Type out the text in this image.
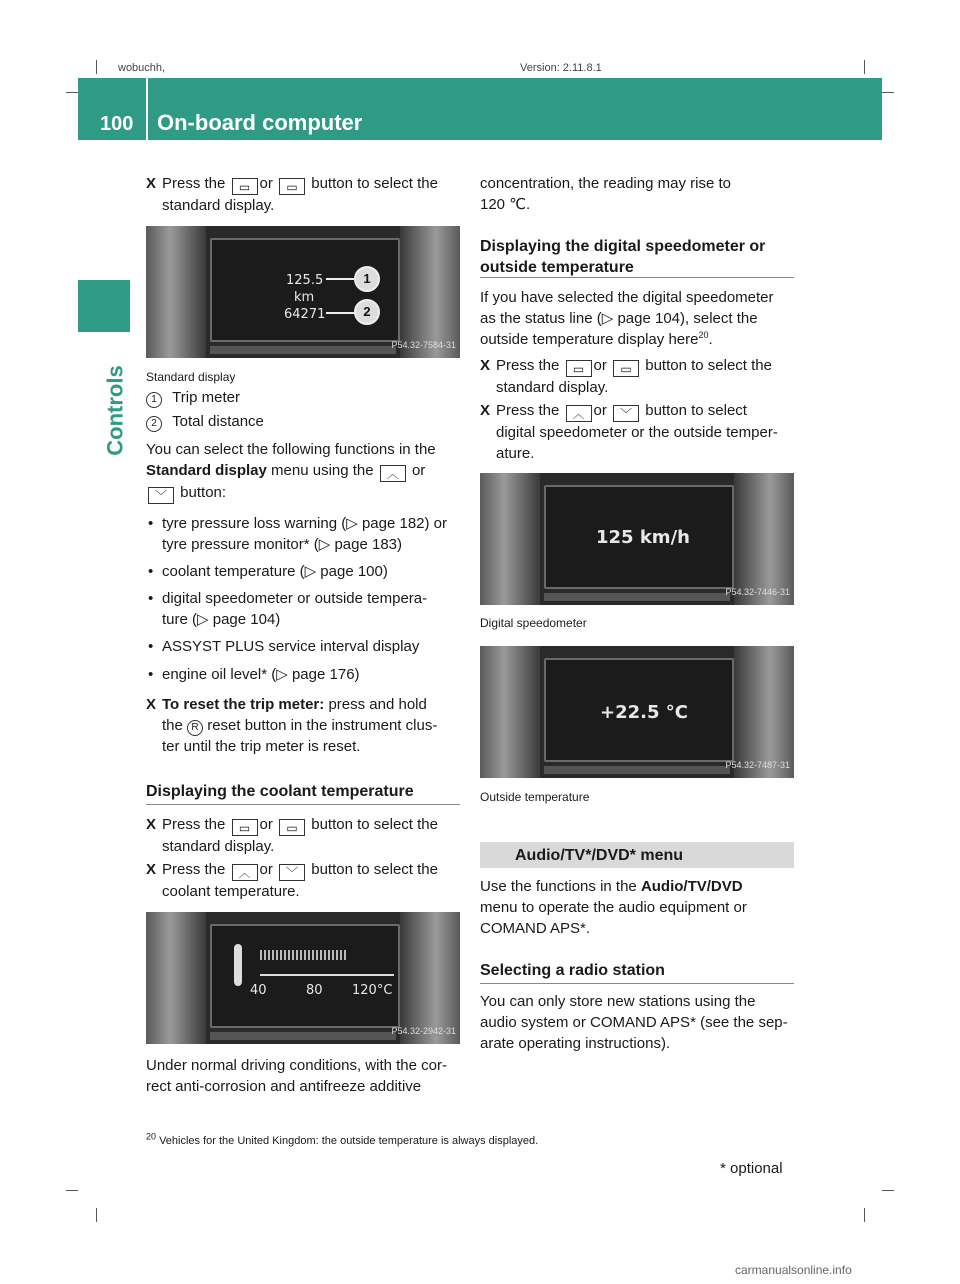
wobuchh,	Version: 2.11.8.1
100 On-board computer
Controls
X Press the ▭ or ▭ button to select the
standard display.
125.5
km
64271
1
2
P54.32-7584-31
Standard display
1 Trip meter
2 Total distance
You can select the following functions in the
Standard display menu using the ︿ or
﹀ button:
• tyre pressure loss warning (▷ page 182) or
tyre pressure monitor* (▷ page 183)
• coolant temperature (▷ page 100)
• digital speedometer or outside tempera-
ture (▷ page 104)
• ASSYST PLUS service interval display
• engine oil level* (▷ page 176)
X To reset the trip meter: press and hold
the R reset button in the instrument clus-
ter until the trip meter is reset.
Displaying the coolant temperature
X Press the ▭ or ▭ button to select the
standard display.
X Press the ︿ or ﹀ button to select the
coolant temperature.
40	80 120°C
P54.32-2942-31
Under normal driving conditions, with the cor-
rect anti-corrosion and antifreeze additive
concentration, the reading may rise to
120 ℃.
Displaying the digital speedometer or
outside temperature
If you have selected the digital speedometer
as the status line (▷ page 104), select the
outside temperature display here$^{20}$.
X Press the ▭ or ▭ button to select the
standard display.
X Press the ︿ or ﹀ button to select
digital speedometer or the outside temper-
ature.
125 km/h
P54.32-7446-31
Digital speedometer
+22.5 °C
P54.32-7487-31
Outside temperature
Audio/TV*/DVD* menu
Use the functions in the Audio/TV/DVD
menu to operate the audio equipment or
COMAND APS*.
Selecting a radio station
You can only store new stations using the
audio system or COMAND APS* (see the sep-
arate operating instructions).
$^{20}$ Vehicles for the United Kingdom: the outside temperature is always displayed.
* optional
carmanualsonline.info
